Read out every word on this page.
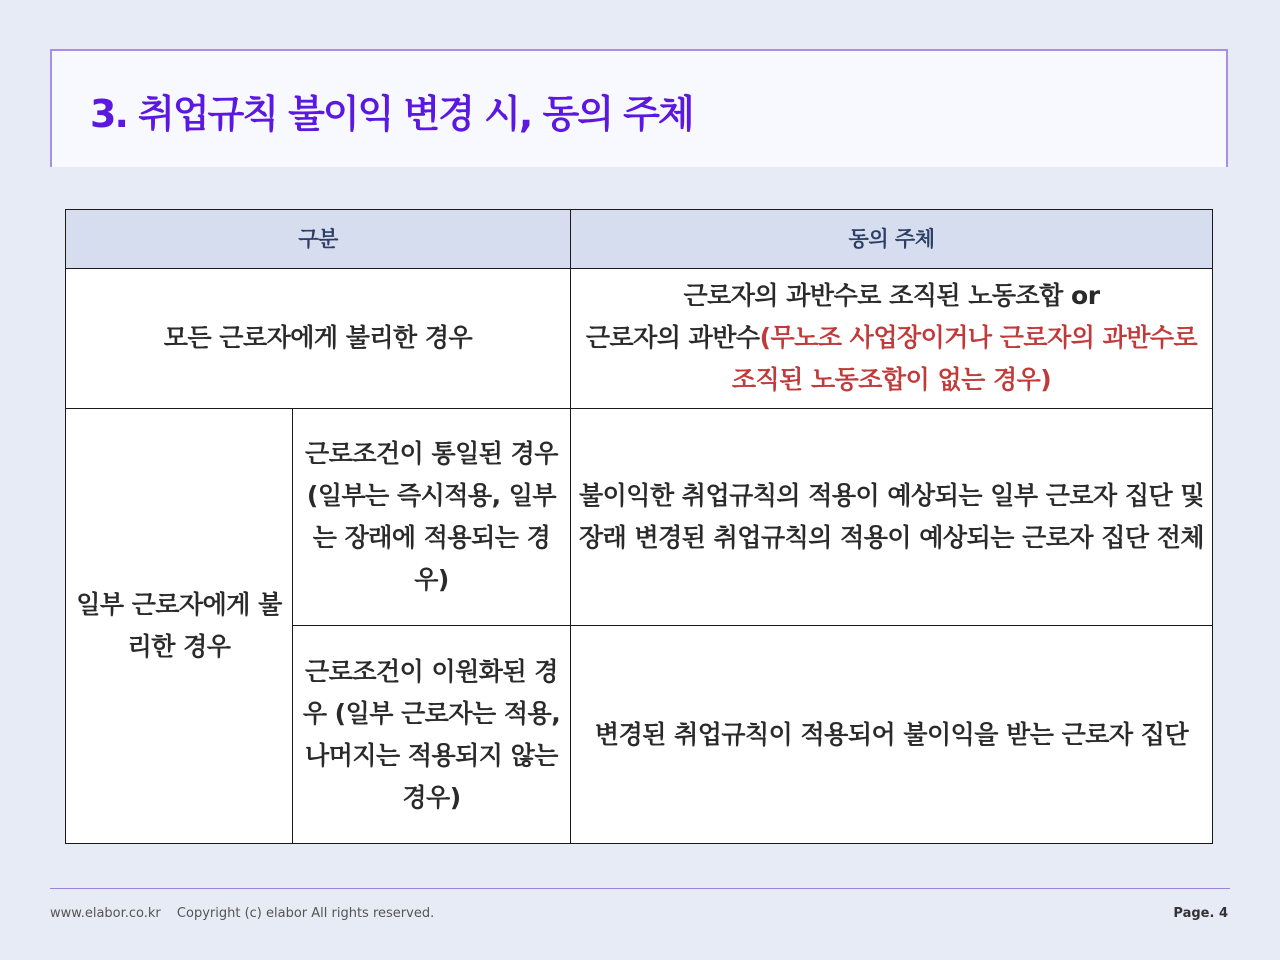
3. 취업규칙 불이익 변경 시, 동의 주체
구분		동의 주체
모든 근로자에게 불리한 경우		근로자의 과반수로 조직된 노동조합 or
근로자의 과반수(무노조 사업장이거나 근로자의 과반수로 조직된 노동조합이 없는 경우)
일부 근로자에게 불리한 경우	근로조건이 통일된 경우 (일부는 즉시적용, 일부는 장래에 적용되는 경우)	불이익한 취업규칙의 적용이 예상되는 일부 근로자 집단 및 장래 변경된 취업규칙의 적용이 예상되는 근로자 집단 전체
	근로조건이 이원화된 경우 (일부 근로자는 적용, 나머지는 적용되지 않는 경우)	변경된 취업규칙이 적용되어 불이익을 받는 근로자 집단
www.elabor.co.kr Copyright (c) elabor All rights reserved.	Page. 4
